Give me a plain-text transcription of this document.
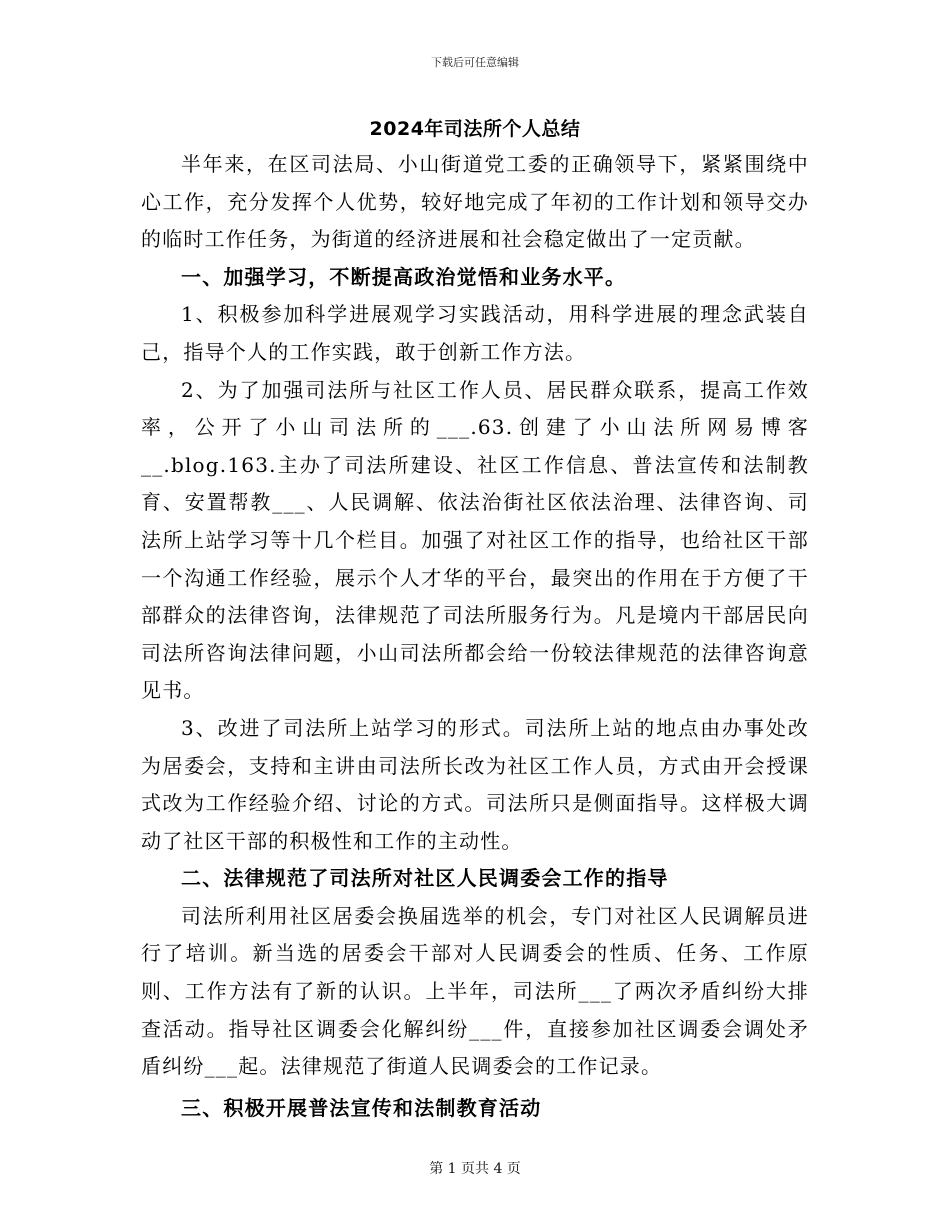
下载后可任意编辑
2024年司法所个人总结

半年来，在区司法局、小山街道党工委的正确领导下，紧紧围绕中心工作，充分发挥个人优势，较好地完成了年初的工作计划和领导交办的临时工作任务，为街道的经济进展和社会稳定做出了一定贡献。

一、加强学习，不断提高政治觉悟和业务水平。

1、积极参加科学进展观学习实践活动，用科学进展的理念武装自己，指导个人的工作实践，敢于创新工作方法。

2、为了加强司法所与社区工作人员、居民群众联系，提高工作效率，公开了小山司法所的___.63.创建了小山法所网易博客__.blog.163.主办了司法所建设、社区工作信息、普法宣传和法制教育、安置帮教___、人民调解、依法治街社区依法治理、法律咨询、司法所上站学习等十几个栏目。加强了对社区工作的指导，也给社区干部一个沟通工作经验，展示个人才华的平台，最突出的作用在于方便了干部群众的法律咨询，法律规范了司法所服务行为。凡是境内干部居民向司法所咨询法律问题，小山司法所都会给一份较法律规范的法律咨询意见书。

3、改进了司法所上站学习的形式。司法所上站的地点由办事处改为居委会，支持和主讲由司法所长改为社区工作人员，方式由开会授课式改为工作经验介绍、讨论的方式。司法所只是侧面指导。这样极大调动了社区干部的积极性和工作的主动性。

二、法律规范了司法所对社区人民调委会工作的指导

司法所利用社区居委会换届选举的机会，专门对社区人民调解员进行了培训。新当选的居委会干部对人民调委会的性质、任务、工作原则、工作方法有了新的认识。上半年，司法所___了两次矛盾纠纷大排查活动。指导社区调委会化解纠纷___件，直接参加社区调委会调处矛盾纠纷___起。法律规范了街道人民调委会的工作记录。

三、积极开展普法宣传和法制教育活动

第 1 页共 4 页
